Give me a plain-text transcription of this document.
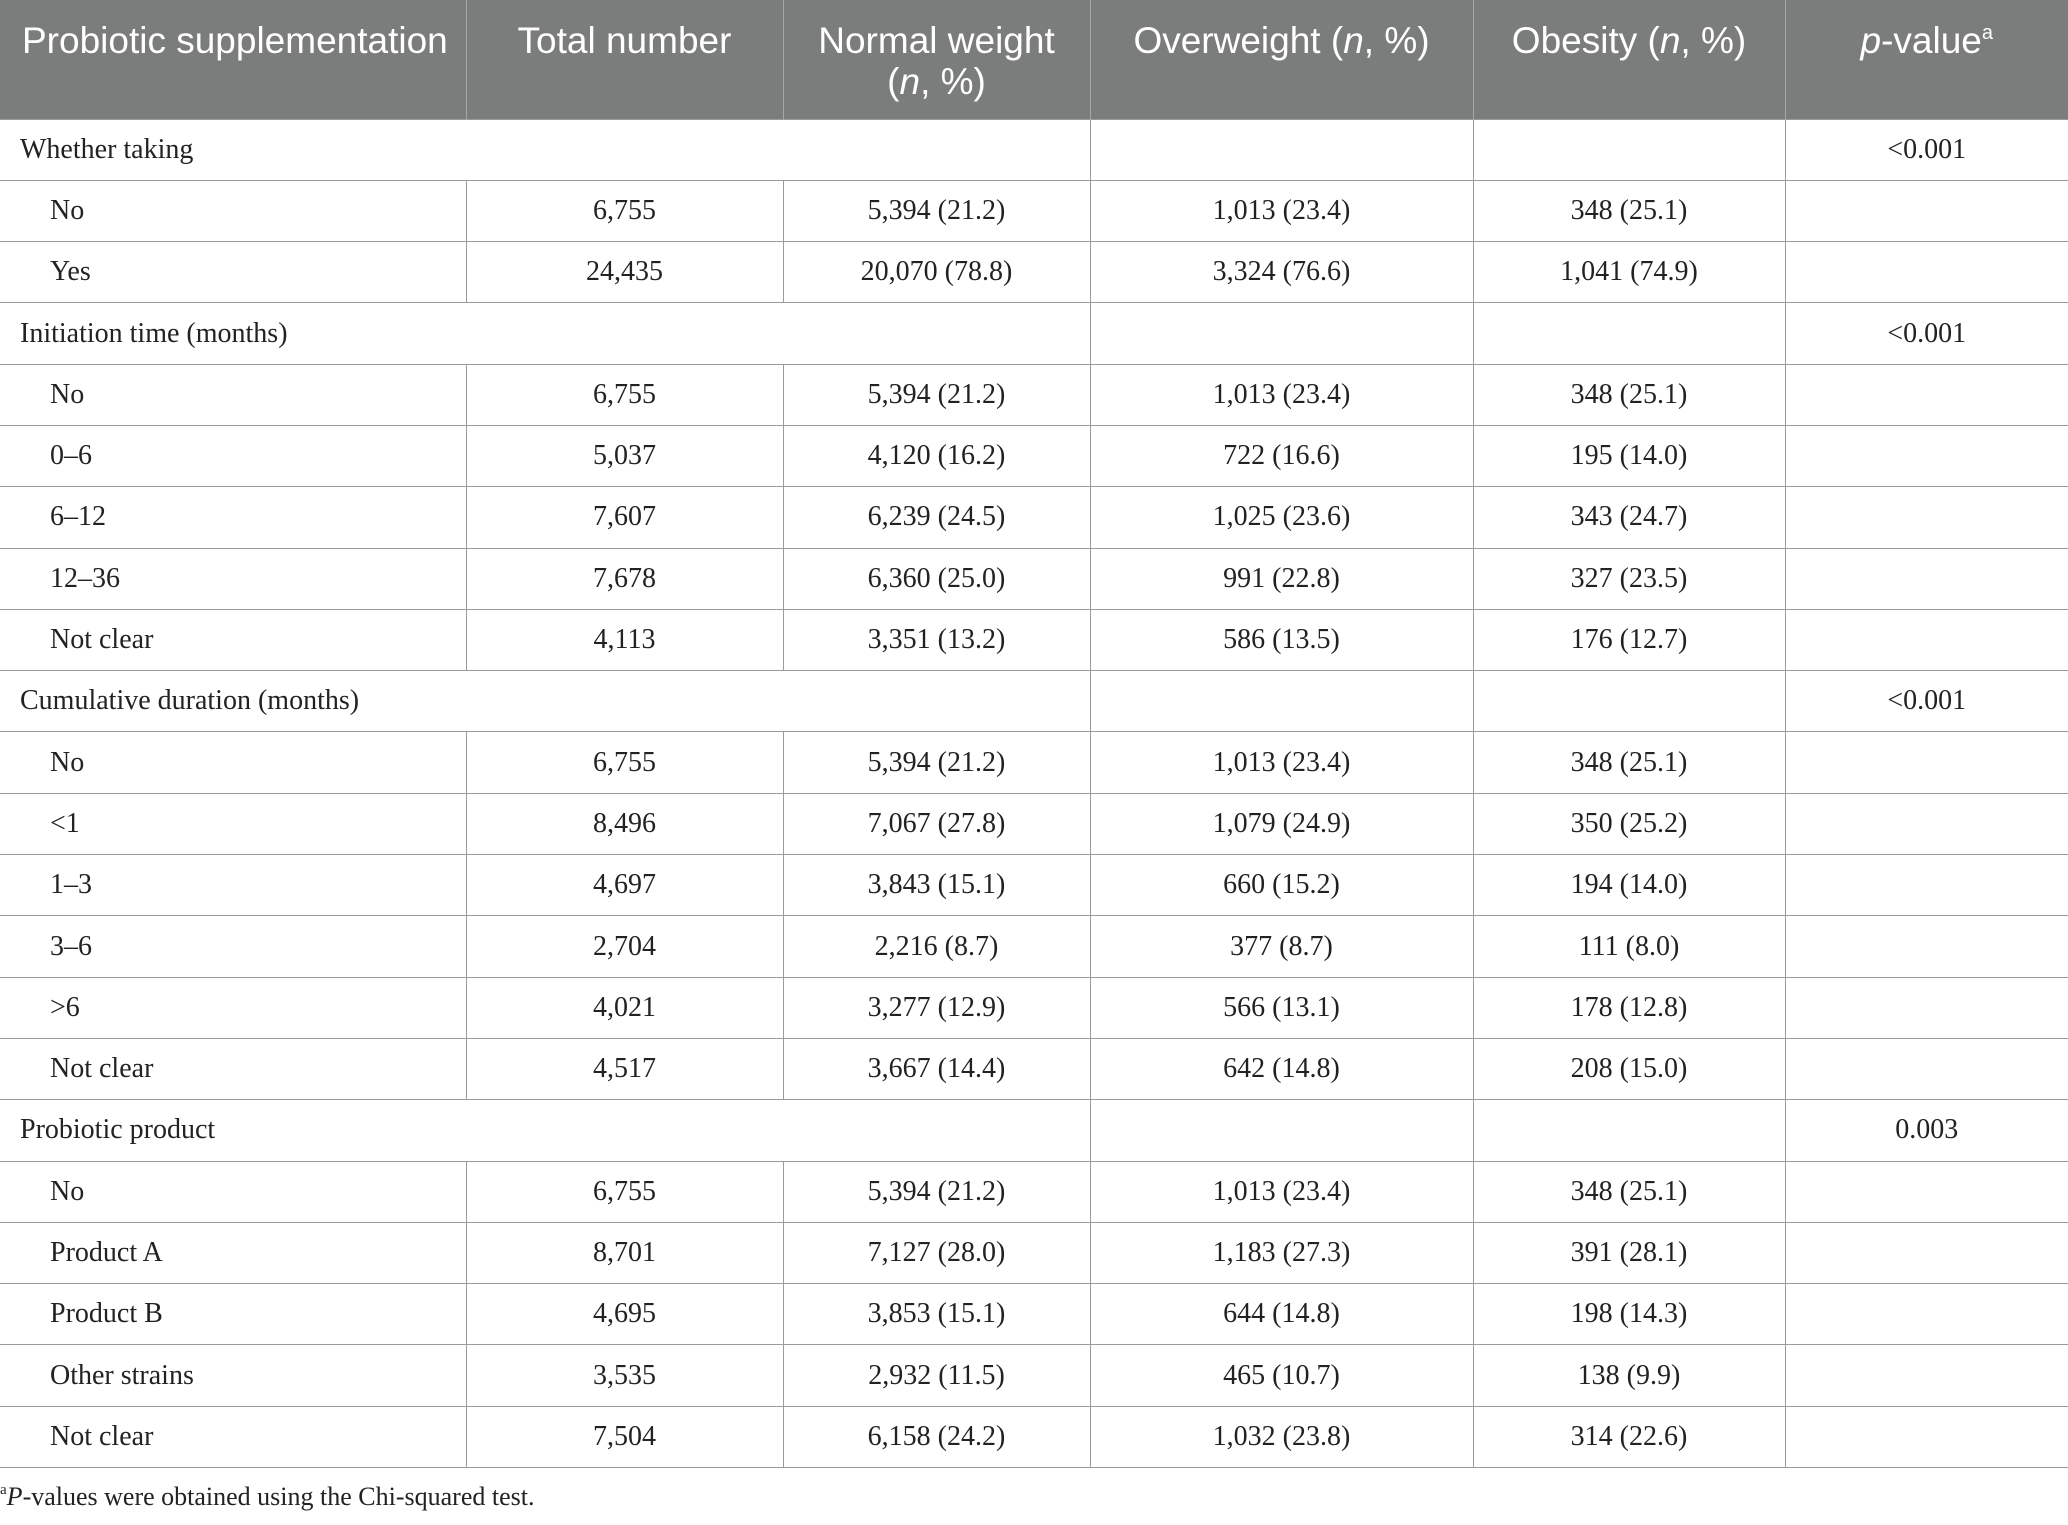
Probiotic supplementation	Total number	Normal weight
(n, %)	Overweight (n, %)	Obesity (n, %)	p-value$^a$
Whether taking					<0.001
No	6,755	5,394 (21.2)	1,013 (23.4)	348 (25.1)	
Yes	24,435	20,070 (78.8)	3,324 (76.6)	1,041 (74.9)	
Initiation time (months)					<0.001
No	6,755	5,394 (21.2)	1,013 (23.4)	348 (25.1)	
0–6	5,037	4,120 (16.2)	722 (16.6)	195 (14.0)	
6–12	7,607	6,239 (24.5)	1,025 (23.6)	343 (24.7)	
12–36	7,678	6,360 (25.0)	991 (22.8)	327 (23.5)	
Not clear	4,113	3,351 (13.2)	586 (13.5)	176 (12.7)	
Cumulative duration (months)					<0.001
No	6,755	5,394 (21.2)	1,013 (23.4)	348 (25.1)	
<1	8,496	7,067 (27.8)	1,079 (24.9)	350 (25.2)	
1–3	4,697	3,843 (15.1)	660 (15.2)	194 (14.0)	
3–6	2,704	2,216 (8.7)	377 (8.7)	111 (8.0)	
>6	4,021	3,277 (12.9)	566 (13.1)	178 (12.8)	
Not clear	4,517	3,667 (14.4)	642 (14.8)	208 (15.0)	
Probiotic product					0.003
No	6,755	5,394 (21.2)	1,013 (23.4)	348 (25.1)	
Product A	8,701	7,127 (28.0)	1,183 (27.3)	391 (28.1)	
Product B	4,695	3,853 (15.1)	644 (14.8)	198 (14.3)	
Other strains	3,535	2,932 (11.5)	465 (10.7)	138 (9.9)	
Not clear	7,504	6,158 (24.2)	1,032 (23.8)	314 (22.6)	
$^a$P-values were obtained using the Chi-squared test.
